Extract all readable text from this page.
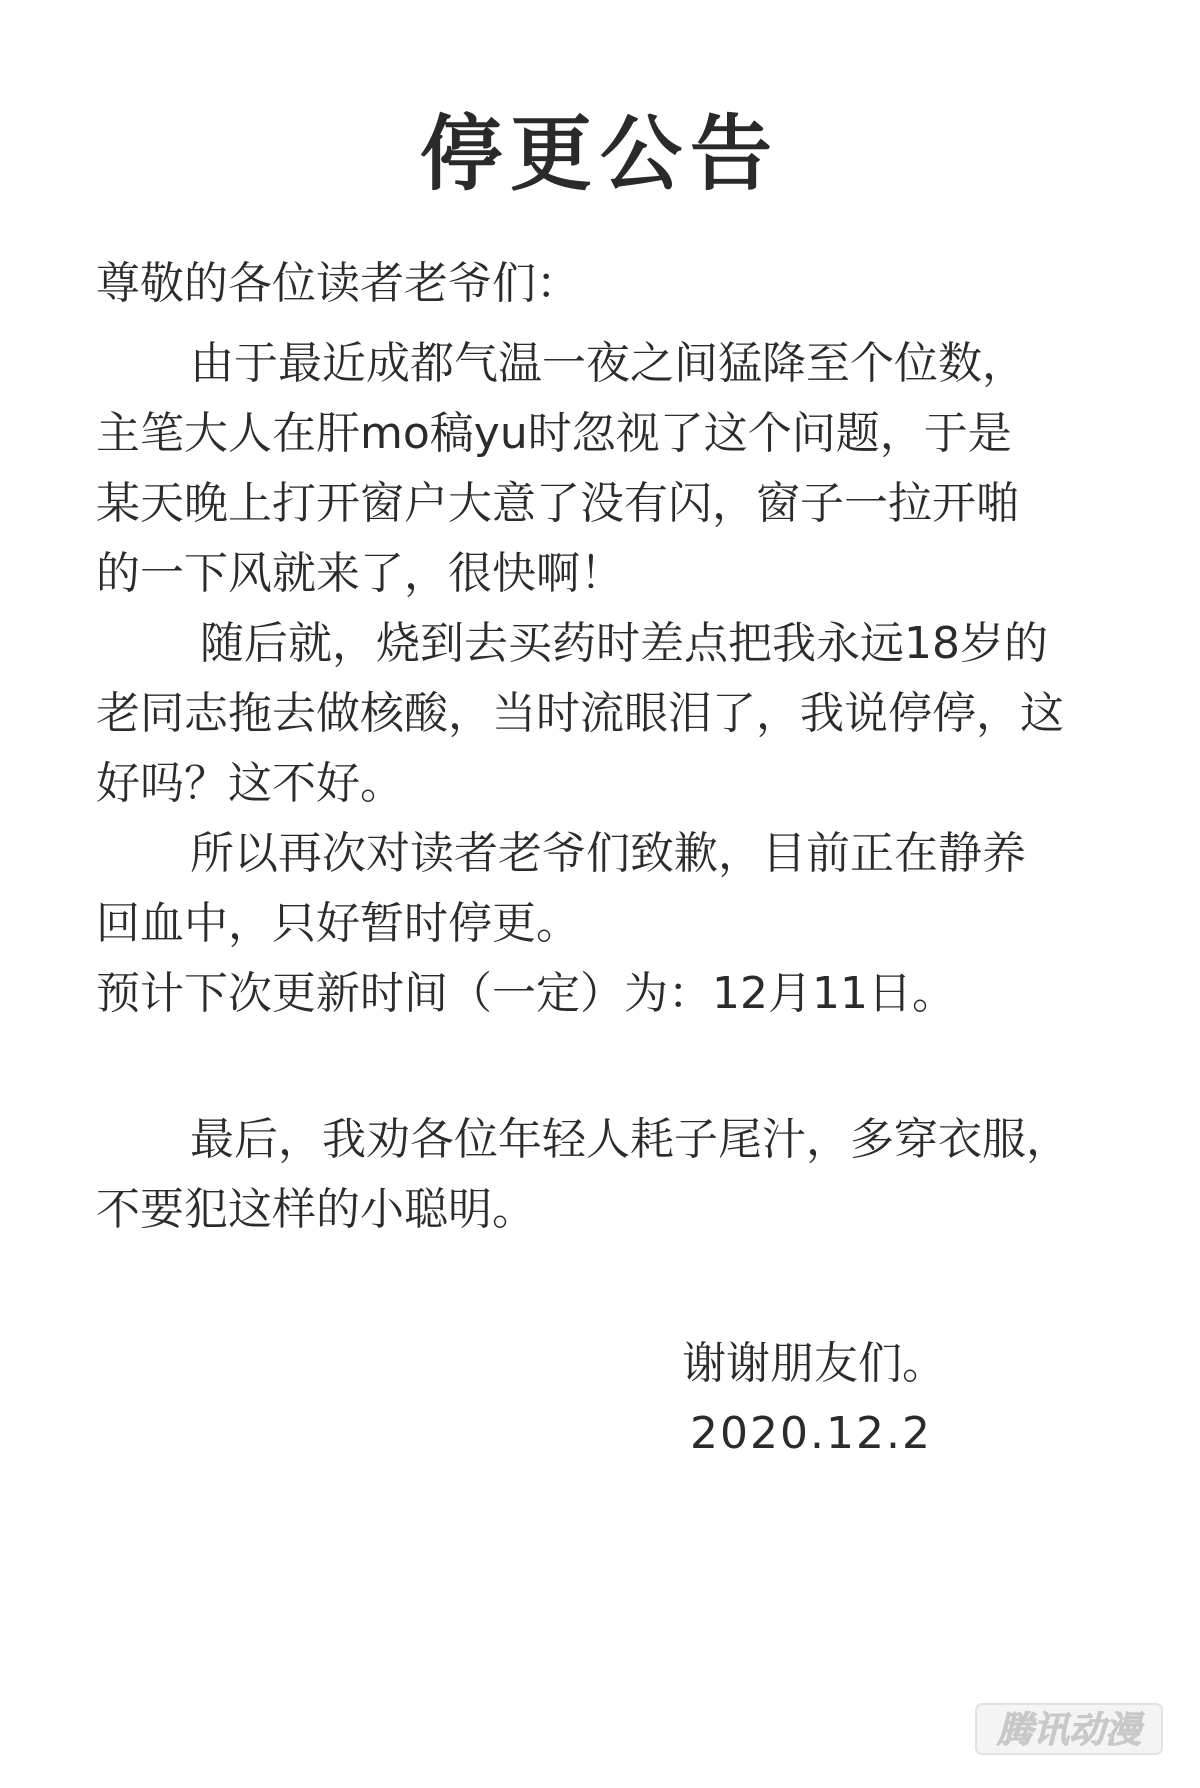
停更公告
尊敬的各位读者老爷们：
由于最近成都气温一夜之间猛降至个位数，
主笔大人在肝mo稿yu时忽视了这个问题，于是
某天晚上打开窗户大意了没有闪，窗子一拉开啪
的一下风就来了，很快啊！
随后就，烧到去买药时差点把我永远18岁的
老同志拖去做核酸，当时流眼泪了，我说停停，这
好吗？这不好。
所以再次对读者老爷们致歉，目前正在静养
回血中，只好暂时停更。
预计下次更新时间（一定）为：12月11日。
最后，我劝各位年轻人耗子尾汁，多穿衣服，
不要犯这样的小聪明。
谢谢朋友们。
2020.12.2
腾讯动漫
